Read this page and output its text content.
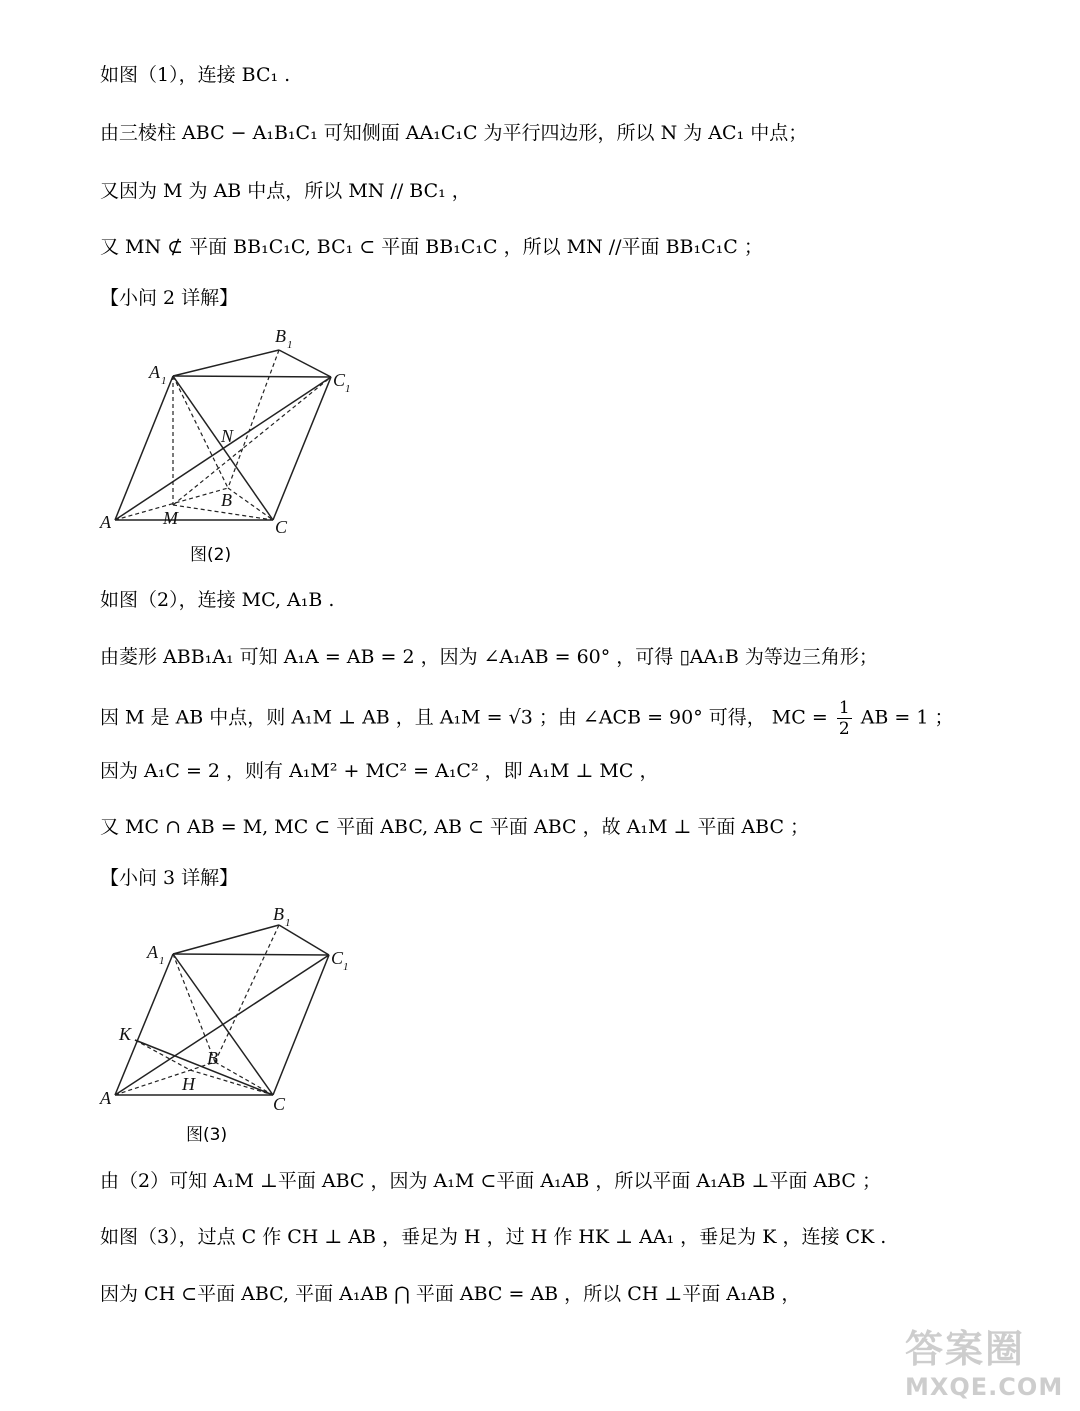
如图（1），连接 BC₁ .
由三棱柱 ABC − A₁B₁C₁ 可知侧面 AA₁C₁C 为平行四边形，所以 N 为 AC₁ 中点；
又因为 M 为 AB 中点，所以 MN // BC₁ ，
又 MN ⊄ 平面 BB₁C₁C, BC₁ ⊂ 平面 BB₁C₁C ，所以 MN //平面 BB₁C₁C ；
【小问 2 详解】
A	M
B
C
N
A 1
B 1
C 1
图(2)
如图（2），连接 MC, A₁B .
由菱形 ABB₁A₁ 可知 A₁A = AB = 2 ，因为 ∠A₁AB = 60° ，可得 ▯AA₁B 为等边三角形；
因 M 是 AB 中点，则 A₁M ⊥ AB ，且 A₁M = √3 ；由 ∠ACB = 90° 可得， MC = $\frac{1}{2}$ AB = 1 ；
因为 A₁C = 2 ，则有 A₁M² + MC² = A₁C² ，即 A₁M ⊥ MC ，
又 MC ∩ AB = M, MC ⊂ 平面 ABC, AB ⊂ 平面 ABC ，故 A₁M ⊥ 平面 ABC ；
【小问 3 详解】
A
H
B
C
K
A 1
B 1
C 1
图(3)
由（2）可知 A₁M ⊥平面 ABC ，因为 A₁M ⊂平面 A₁AB ，所以平面 A₁AB ⊥平面 ABC ；
如图（3），过点 C 作 CH ⊥ AB ，垂足为 H ，过 H 作 HK ⊥ AA₁ ，垂足为 K ，连接 CK .
因为 CH ⊂平面 ABC, 平面 A₁AB ⋂ 平面 ABC = AB ，所以 CH ⊥平面 A₁AB ，
答案圈
MXQE.COM
